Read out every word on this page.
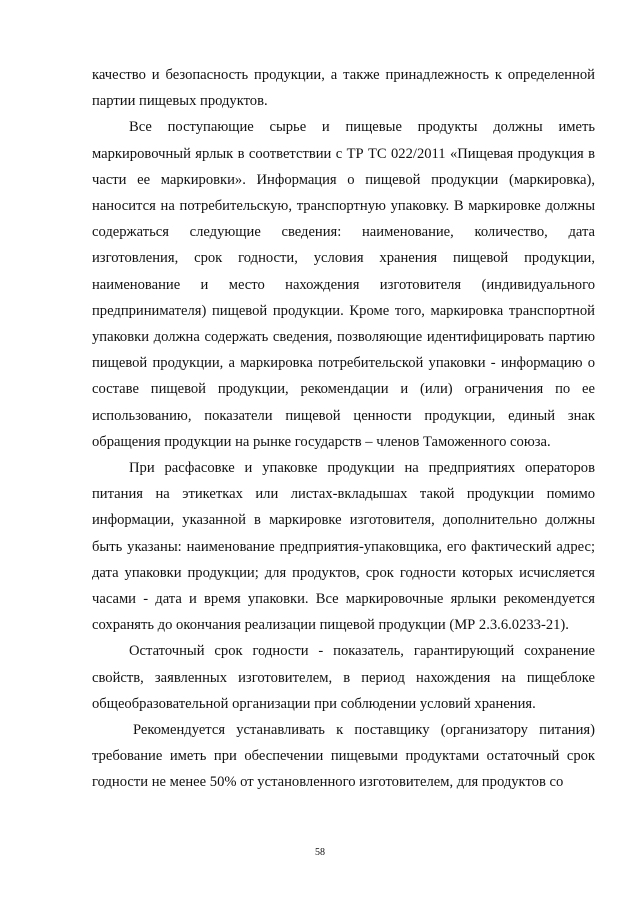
качество и безопасность продукции, а также принадлежность к определенной партии пищевых продуктов.

Все поступающие сырье и пищевые продукты должны иметь маркировочный ярлык в соответствии с ТР ТС 022/2011 «Пищевая продукция в части ее маркировки». Информация о пищевой продукции (маркировка), наносится на потребительскую, транспортную упаковку. В маркировке должны содержаться следующие сведения: наименование, количество, дата изготовления, срок годности, условия хранения пищевой продукции, наименование и место нахождения изготовителя (индивидуального предпринимателя) пищевой продукции. Кроме того, маркировка транспортной упаковки должна содержать сведения, позволяющие идентифицировать партию пищевой продукции, а маркировка потребительской упаковки - информацию о составе пищевой продукции, рекомендации и (или) ограничения по ее использованию, показатели пищевой ценности продукции, единый знак обращения продукции на рынке государств – членов Таможенного союза.

При расфасовке и упаковке продукции на предприятиях операторов питания на этикетках или листах-вкладышах такой продукции помимо информации, указанной в маркировке изготовителя, дополнительно должны быть указаны: наименование предприятия-упаковщика, его фактический адрес; дата упаковки продукции; для продуктов, срок годности которых исчисляется часами - дата и время упаковки. Все маркировочные ярлыки рекомендуется сохранять до окончания реализации пищевой продукции (МР 2.3.6.0233-21).

Остаточный срок годности - показатель, гарантирующий сохранение свойств, заявленных изготовителем, в период нахождения на пищеблоке общеобразовательной организации при соблюдении условий хранения.

Рекомендуется устанавливать к поставщику (организатору питания) требование иметь при обеспечении пищевыми продуктами остаточный срок годности не менее 50% от установленного изготовителем, для продуктов со

58
